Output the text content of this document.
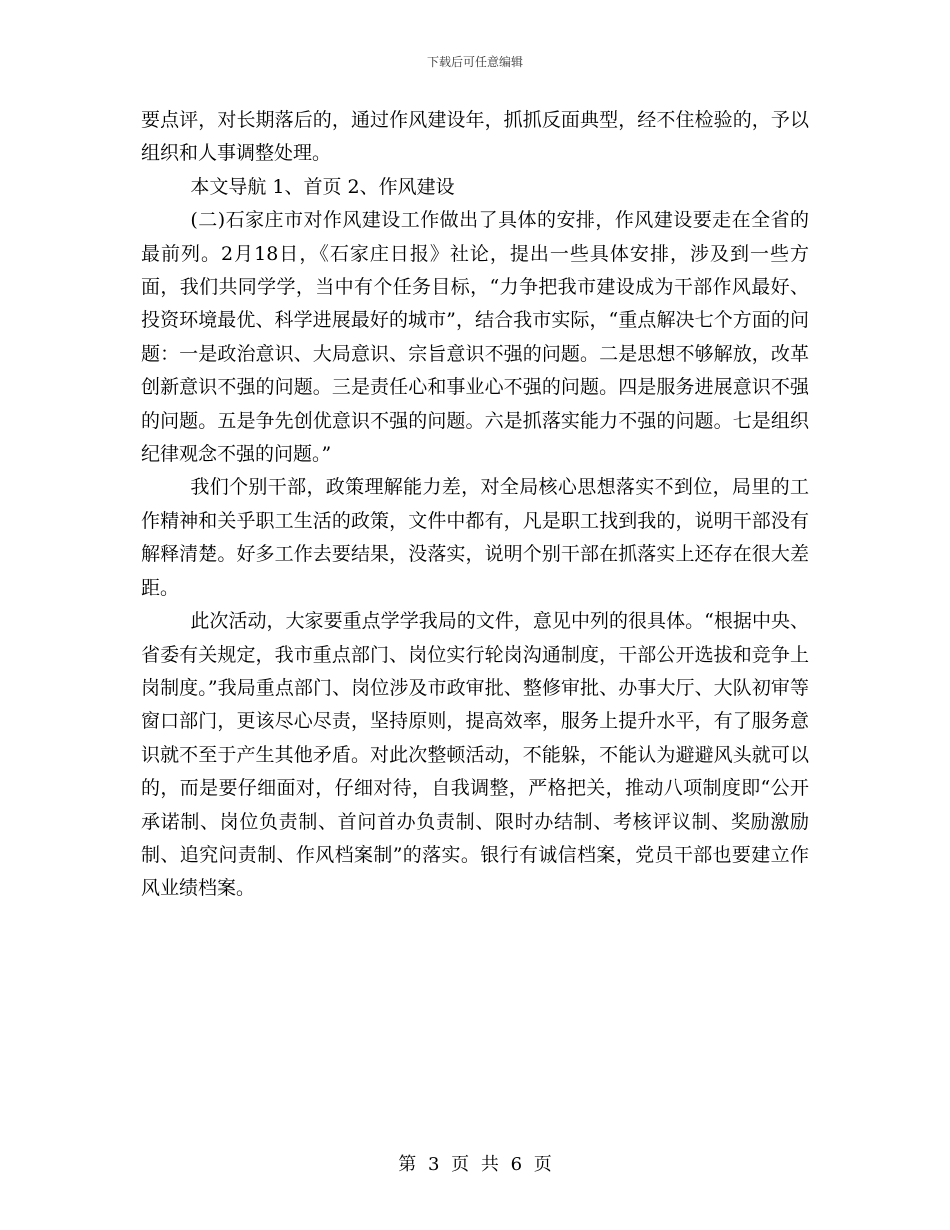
下载后可任意编辑

要点评，对长期落后的，通过作风建设年，抓抓反面典型，经不住检验的，予以组织和人事调整处理。

本文导航 1、首页 2、作风建设

(二)石家庄市对作风建设工作做出了具体的安排，作风建设要走在全省的最前列。2月18日，《石家庄日报》社论，提出一些具体安排，涉及到一些方面，我们共同学学，当中有个任务目标，“力争把我市建设成为干部作风最好、投资环境最优、科学进展最好的城市”，结合我市实际，“重点解决七个方面的问题：一是政治意识、大局意识、宗旨意识不强的问题。二是思想不够解放，改革创新意识不强的问题。三是责任心和事业心不强的问题。四是服务进展意识不强的问题。五是争先创优意识不强的问题。六是抓落实能力不强的问题。七是组织纪律观念不强的问题。”

我们个别干部，政策理解能力差，对全局核心思想落实不到位，局里的工作精神和关乎职工生活的政策，文件中都有，凡是职工找到我的，说明干部没有解释清楚。好多工作去要结果，没落实，说明个别干部在抓落实上还存在很大差距。

此次活动，大家要重点学学我局的文件，意见中列的很具体。“根据中央、省委有关规定，我市重点部门、岗位实行轮岗沟通制度，干部公开选拔和竞争上岗制度。”我局重点部门、岗位涉及市政审批、整修审批、办事大厅、大队初审等窗口部门，更该尽心尽责，坚持原则，提高效率，服务上提升水平，有了服务意识就不至于产生其他矛盾。对此次整顿活动，不能躲，不能认为避避风头就可以的，而是要仔细面对，仔细对待，自我调整，严格把关，推动八项制度即“公开承诺制、岗位负责制、首问首办负责制、限时办结制、考核评议制、奖励激励制、追究问责制、作风档案制”的落实。银行有诚信档案，党员干部也要建立作风业绩档案。

第 3 页 共 6 页
